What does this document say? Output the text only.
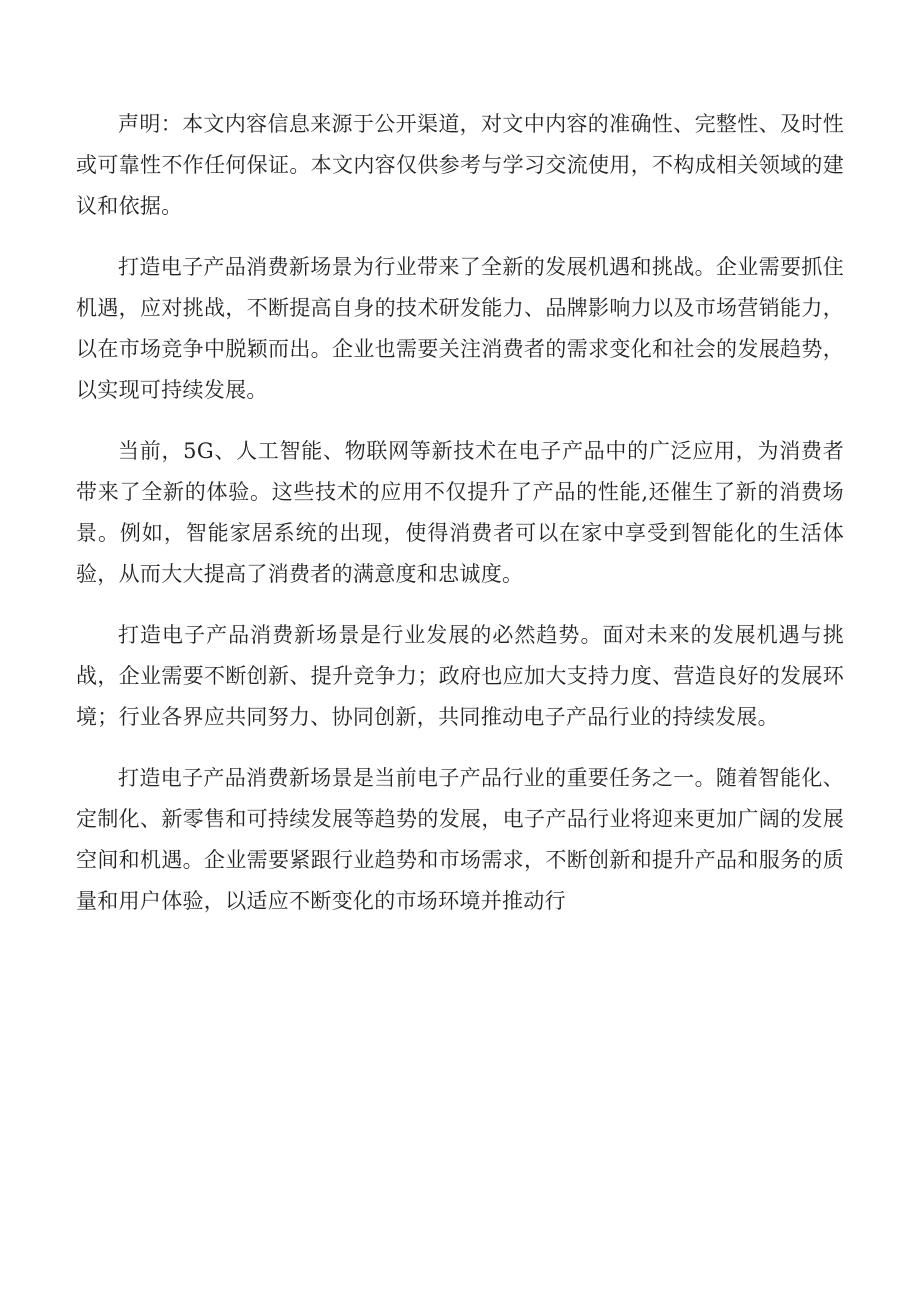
声明：本文内容信息来源于公开渠道，对文中内容的准确性、完整性、及时性或可靠性不作任何保证。本文内容仅供参考与学习交流使用，不构成相关领域的建议和依据。

打造电子产品消费新场景为行业带来了全新的发展机遇和挑战。企业需要抓住机遇，应对挑战，不断提高自身的技术研发能力、品牌影响力以及市场营销能力，以在市场竞争中脱颖而出。企业也需要关注消费者的需求变化和社会的发展趋势，以实现可持续发展。

当前，5G、人工智能、物联网等新技术在电子产品中的广泛应用，为消费者带来了全新的体验。这些技术的应用不仅提升了产品的性能,还催生了新的消费场景。例如，智能家居系统的出现，使得消费者可以在家中享受到智能化的生活体验，从而大大提高了消费者的满意度和忠诚度。

打造电子产品消费新场景是行业发展的必然趋势。面对未来的发展机遇与挑战，企业需要不断创新、提升竞争力；政府也应加大支持力度、营造良好的发展环境；行业各界应共同努力、协同创新，共同推动电子产品行业的持续发展。

打造电子产品消费新场景是当前电子产品行业的重要任务之一。随着智能化、定制化、新零售和可持续发展等趋势的发展，电子产品行业将迎来更加广阔的发展空间和机遇。企业需要紧跟行业趋势和市场需求，不断创新和提升产品和服务的质量和用户体验，以适应不断变化的市场环境并推动行
